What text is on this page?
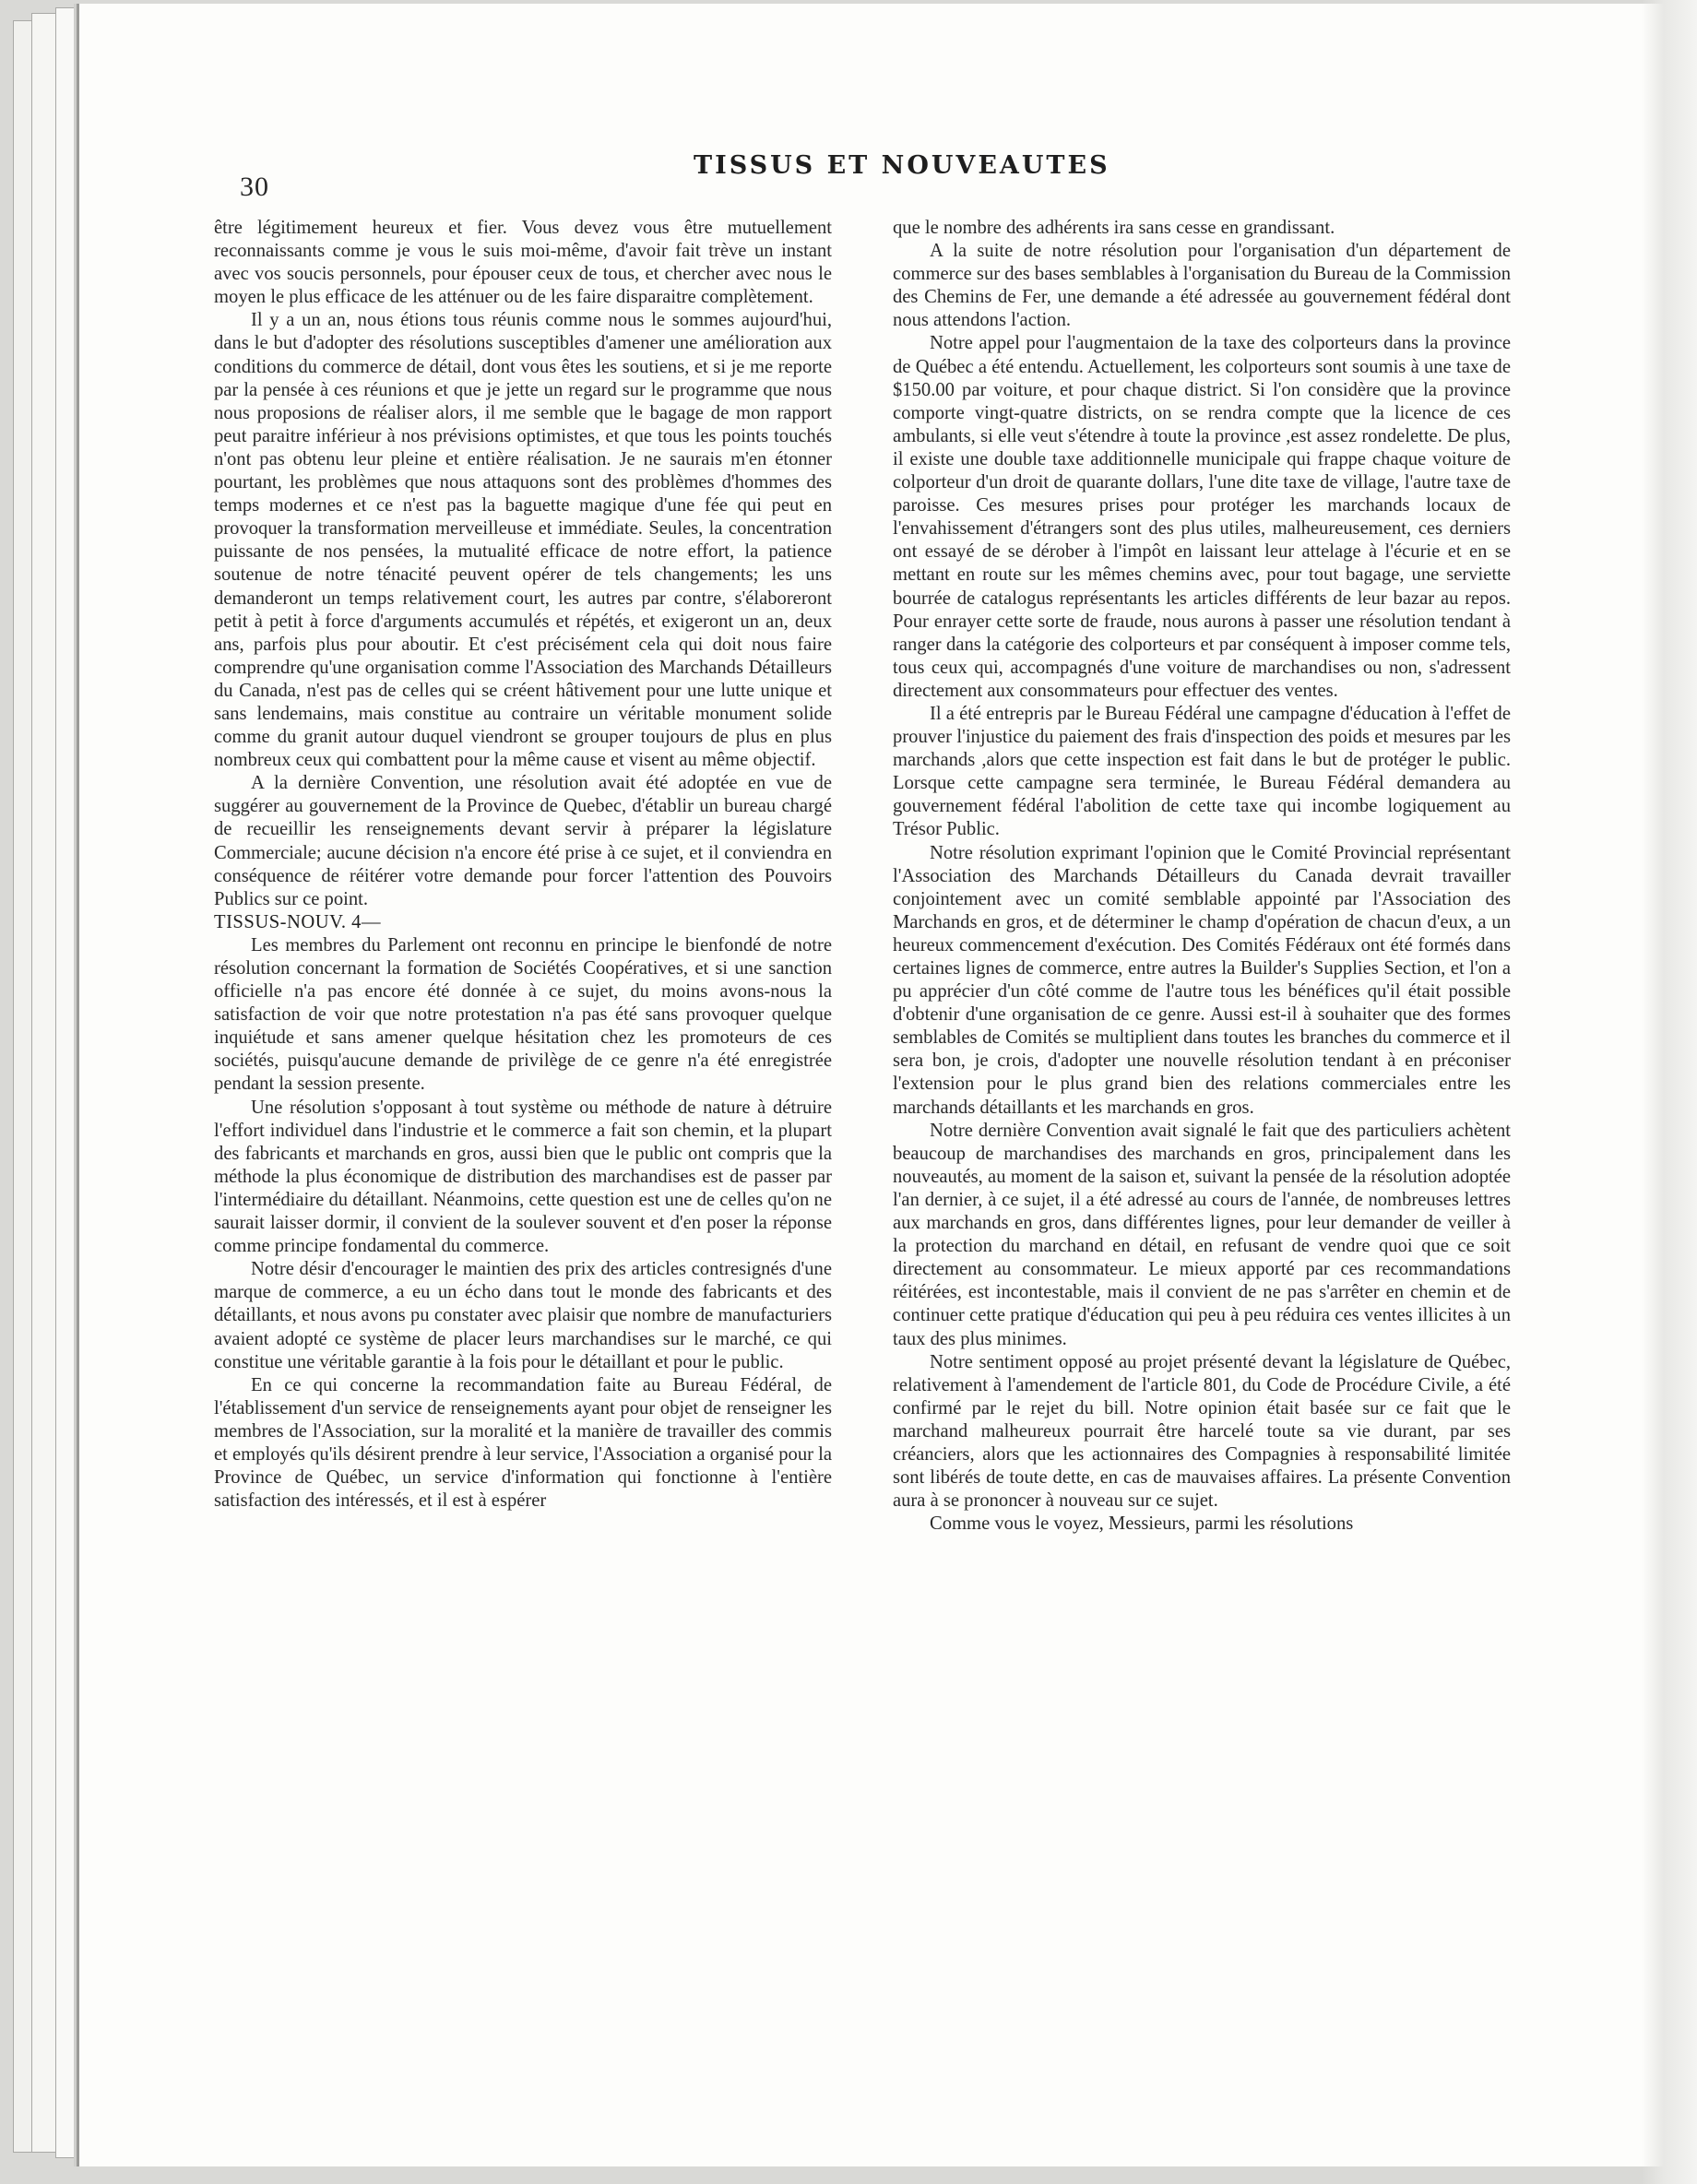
30
TISSUS ET NOUVEAUTES

être légitimement heureux et fier. Vous devez vous être mutuellement reconnaissants comme je vous le suis moi-même, d'avoir fait trève un instant avec vos soucis personnels, pour épouser ceux de tous, et chercher avec nous le moyen le plus efficace de les atténuer ou de les faire disparaitre complètement.

Il y a un an, nous étions tous réunis comme nous le sommes aujourd'hui, dans le but d'adopter des résolutions susceptibles d'amener une amélioration aux conditions du commerce de détail, dont vous êtes les soutiens, et si je me reporte par la pensée à ces réunions et que je jette un regard sur le programme que nous nous proposions de réaliser alors, il me semble que le bagage de mon rapport peut paraitre inférieur à nos prévisions optimistes, et que tous les points touchés n'ont pas obtenu leur pleine et entière réalisation. Je ne saurais m'en étonner pourtant, les problèmes que nous attaquons sont des problèmes d'hommes des temps modernes et ce n'est pas la baguette magique d'une fée qui peut en provoquer la transformation merveilleuse et immédiate. Seules, la concentration puissante de nos pensées, la mutualité efficace de notre effort, la patience soutenue de notre ténacité peuvent opérer de tels changements; les uns demanderont un temps relativement court, les autres par contre, s'élaboreront petit à petit à force d'arguments accumulés et répétés, et exigeront un an, deux ans, parfois plus pour aboutir. Et c'est précisément cela qui doit nous faire comprendre qu'une organisation comme l'Association des Marchands Détailleurs du Canada, n'est pas de celles qui se créent hâtivement pour une lutte unique et sans lendemains, mais constitue au contraire un véritable monument solide comme du granit autour duquel viendront se grouper toujours de plus en plus nombreux ceux qui combattent pour la même cause et visent au même objectif.

A la dernière Convention, une résolution avait été adoptée en vue de suggérer au gouvernement de la Province de Quebec, d'établir un bureau chargé de recueillir les renseignements devant servir à préparer la législature Commerciale; aucune décision n'a encore été prise à ce sujet, et il conviendra en conséquence de réitérer votre demande pour forcer l'attention des Pouvoirs Publics sur ce point.

TISSUS-NOUV. 4—

Les membres du Parlement ont reconnu en principe le bienfondé de notre résolution concernant la formation de Sociétés Coopératives, et si une sanction officielle n'a pas encore été donnée à ce sujet, du moins avons-nous la satisfaction de voir que notre protestation n'a pas été sans provoquer quelque inquiétude et sans amener quelque hésitation chez les promoteurs de ces sociétés, puisqu'aucune demande de privilège de ce genre n'a été enregistrée pendant la session presente.

Une résolution s'opposant à tout système ou méthode de nature à détruire l'effort individuel dans l'industrie et le commerce a fait son chemin, et la plupart des fabricants et marchands en gros, aussi bien que le public ont compris que la méthode la plus économique de distribution des marchandises est de passer par l'intermédiaire du détaillant. Néanmoins, cette question est une de celles qu'on ne saurait laisser dormir, il convient de la soulever souvent et d'en poser la réponse comme principe fondamental du commerce.

Notre désir d'encourager le maintien des prix des articles contresignés d'une marque de commerce, a eu un écho dans tout le monde des fabricants et des détaillants, et nous avons pu constater avec plaisir que nombre de manufacturiers avaient adopté ce système de placer leurs marchandises sur le marché, ce qui constitue une véritable garantie à la fois pour le détaillant et pour le public.

En ce qui concerne la recommandation faite au Bureau Fédéral, de l'établissement d'un service de renseignements ayant pour objet de renseigner les membres de l'Association, sur la moralité et la manière de travailler des commis et employés qu'ils désirent prendre à leur service, l'Association a organisé pour la Province de Québec, un service d'information qui fonctionne à l'entière satisfaction des intéressés, et il est à espérer

que le nombre des adhérents ira sans cesse en grandissant.

A la suite de notre résolution pour l'organisation d'un département de commerce sur des bases semblables à l'organisation du Bureau de la Commission des Chemins de Fer, une demande a été adressée au gouvernement fédéral dont nous attendons l'action.

Notre appel pour l'augmentaion de la taxe des colporteurs dans la province de Québec a été entendu. Actuellement, les colporteurs sont soumis à une taxe de $150.00 par voiture, et pour chaque district. Si l'on considère que la province comporte vingt-quatre districts, on se rendra compte que la licence de ces ambulants, si elle veut s'étendre à toute la province ,est assez rondelette. De plus, il existe une double taxe additionnelle municipale qui frappe chaque voiture de colporteur d'un droit de quarante dollars, l'une dite taxe de village, l'autre taxe de paroisse. Ces mesures prises pour protéger les marchands locaux de l'envahissement d'étrangers sont des plus utiles, malheureusement, ces derniers ont essayé de se dérober à l'impôt en laissant leur attelage à l'écurie et en se mettant en route sur les mêmes chemins avec, pour tout bagage, une serviette bourrée de catalogus représentants les articles différents de leur bazar au repos. Pour enrayer cette sorte de fraude, nous aurons à passer une résolution tendant à ranger dans la catégorie des colporteurs et par conséquent à imposer comme tels, tous ceux qui, accompagnés d'une voiture de marchandises ou non, s'adressent directement aux consommateurs pour effectuer des ventes.

Il a été entrepris par le Bureau Fédéral une campagne d'éducation à l'effet de prouver l'injustice du paiement des frais d'inspection des poids et mesures par les marchands ,alors que cette inspection est fait dans le but de protéger le public. Lorsque cette campagne sera terminée, le Bureau Fédéral demandera au gouvernement fédéral l'abolition de cette taxe qui incombe logiquement au Trésor Public.

Notre résolution exprimant l'opinion que le Comité Provincial représentant l'Association des Marchands Détailleurs du Canada devrait travailler conjointement avec un comité semblable appointé par l'Association des Marchands en gros, et de déterminer le champ d'opération de chacun d'eux, a un heureux commencement d'exécution. Des Comités Fédéraux ont été formés dans certaines lignes de commerce, entre autres la Builder's Supplies Section, et l'on a pu apprécier d'un côté comme de l'autre tous les bénéfices qu'il était possible d'obtenir d'une organisation de ce genre. Aussi est-il à souhaiter que des formes semblables de Comités se multiplient dans toutes les branches du commerce et il sera bon, je crois, d'adopter une nouvelle résolution tendant à en préconiser l'extension pour le plus grand bien des relations commerciales entre les marchands détaillants et les marchands en gros.

Notre dernière Convention avait signalé le fait que des particuliers achètent beaucoup de marchandises des marchands en gros, principalement dans les nouveautés, au moment de la saison et, suivant la pensée de la résolution adoptée l'an dernier, à ce sujet, il a été adressé au cours de l'année, de nombreuses lettres aux marchands en gros, dans différentes lignes, pour leur demander de veiller à la protection du marchand en détail, en refusant de vendre quoi que ce soit directement au consommateur. Le mieux apporté par ces recommandations réitérées, est incontestable, mais il convient de ne pas s'arrêter en chemin et de continuer cette pratique d'éducation qui peu à peu réduira ces ventes illicites à un taux des plus minimes.

Notre sentiment opposé au projet présenté devant la législature de Québec, relativement à l'amendement de l'article 801, du Code de Procédure Civile, a été confirmé par le rejet du bill. Notre opinion était basée sur ce fait que le marchand malheureux pourrait être harcelé toute sa vie durant, par ses créanciers, alors que les actionnaires des Compagnies à responsabilité limitée sont libérés de toute dette, en cas de mauvaises affaires. La présente Convention aura à se prononcer à nouveau sur ce sujet.

Comme vous le voyez, Messieurs, parmi les résolutions
